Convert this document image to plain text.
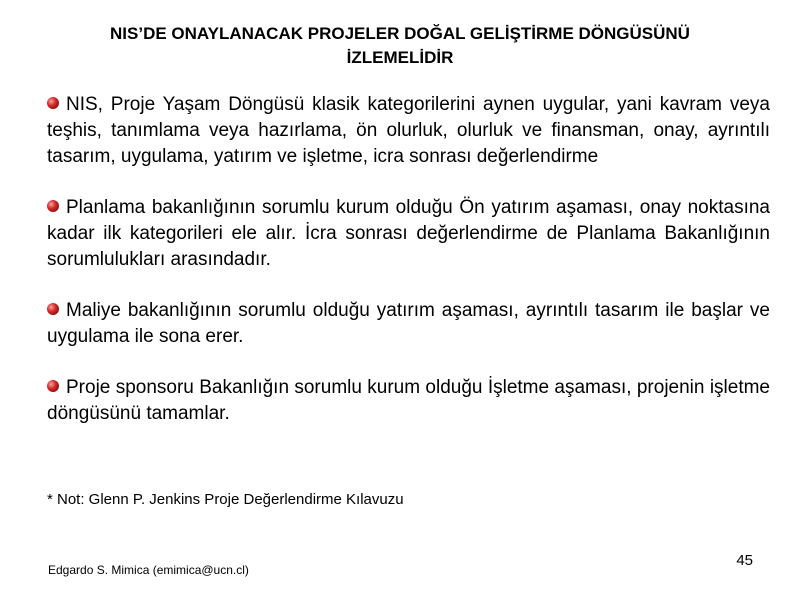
NIS’DE ONAYLANACAK PROJELER DOĞAL GELİŞTİRME DÖNGÜSÜNÜ
İZLEMELİDİR

NIS, Proje Yaşam Döngüsü klasik kategorilerini aynen uygular, yani kavram veya teşhis, tanımlama veya hazırlama, ön olurluk, olurluk ve finansman, onay, ayrıntılı tasarım, uygulama, yatırım ve işletme, icra sonrası değerlendirme

Planlama bakanlığının sorumlu kurum olduğu Ön yatırım aşaması, onay noktasına kadar ilk kategorileri ele alır. İcra sonrası değerlendirme de Planlama Bakanlığının sorumlulukları arasındadır.

Maliye bakanlığının sorumlu olduğu yatırım aşaması, ayrıntılı tasarım ile başlar ve uygulama ile sona erer.

Proje sponsoru Bakanlığın sorumlu kurum olduğu İşletme aşaması, projenin işletme döngüsünü tamamlar.

* Not: Glenn P. Jenkins Proje Değerlendirme Kılavuzu
Edgardo S. Mimica (emimica@ucn.cl)
45
